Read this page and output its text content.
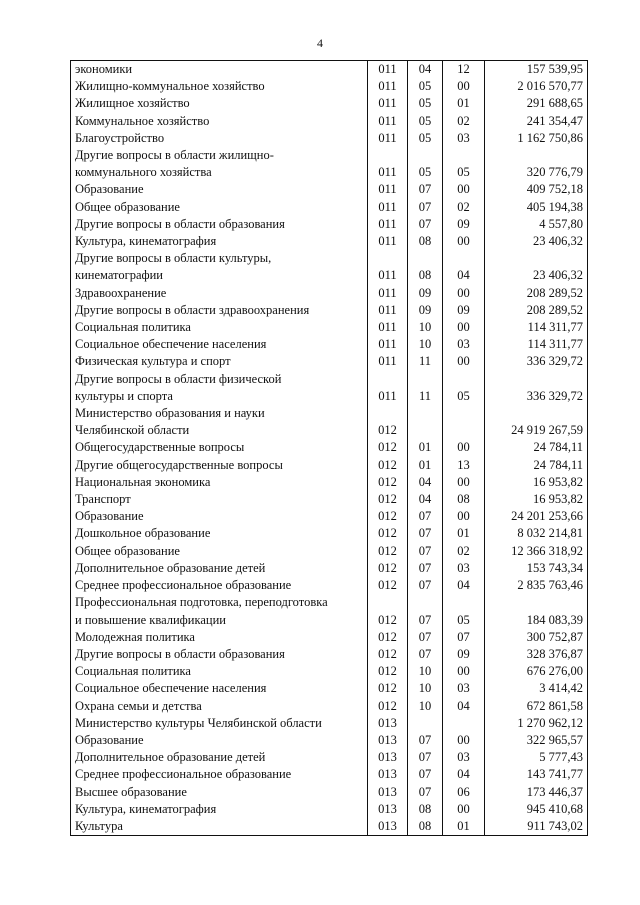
4
экономики	011	04	12	157 539,95
Жилищно-коммунальное хозяйство	011	05	00	2 016 570,77
Жилищное хозяйство	011	05	01	291 688,65
Коммунальное хозяйство	011	05	02	241 354,47
Благоустройство	011	05	03	1 162 750,86
Другие вопросы в области жилищно-
коммунального хозяйства	011	05	05	320 776,79
Образование	011	07	00	409 752,18
Общее образование	011	07	02	405 194,38
Другие вопросы в области образования	011	07	09	4 557,80
Культура, кинематография	011	08	00	23 406,32
Другие вопросы в области культуры,
кинематографии	011	08	04	23 406,32
Здравоохранение	011	09	00	208 289,52
Другие вопросы в области здравоохранения	011	09	09	208 289,52
Социальная политика	011	10	00	114 311,77
Социальное обеспечение населения	011	10	03	114 311,77
Физическая культура и спорт	011	11	00	336 329,72
Другие вопросы в области физической
культуры и спорта	011	11	05	336 329,72
Министерство образования и науки
Челябинской области	012			24 919 267,59
Общегосударственные вопросы	012	01	00	24 784,11
Другие общегосударственные вопросы	012	01	13	24 784,11
Национальная экономика	012	04	00	16 953,82
Транспорт	012	04	08	16 953,82
Образование	012	07	00	24 201 253,66
Дошкольное образование	012	07	01	8 032 214,81
Общее образование	012	07	02	12 366 318,92
Дополнительное образование детей	012	07	03	153 743,34
Среднее профессиональное образование	012	07	04	2 835 763,46
Профессиональная подготовка, переподготовка
и повышение квалификации	012	07	05	184 083,39
Молодежная политика	012	07	07	300 752,87
Другие вопросы в области образования	012	07	09	328 376,87
Социальная политика	012	10	00	676 276,00
Социальное обеспечение населения	012	10	03	3 414,42
Охрана семьи и детства	012	10	04	672 861,58
Министерство культуры Челябинской области	013			1 270 962,12
Образование	013	07	00	322 965,57
Дополнительное образование детей	013	07	03	5 777,43
Среднее профессиональное образование	013	07	04	143 741,77
Высшее образование	013	07	06	173 446,37
Культура, кинематография	013	08	00	945 410,68
Культура	013	08	01	911 743,02
